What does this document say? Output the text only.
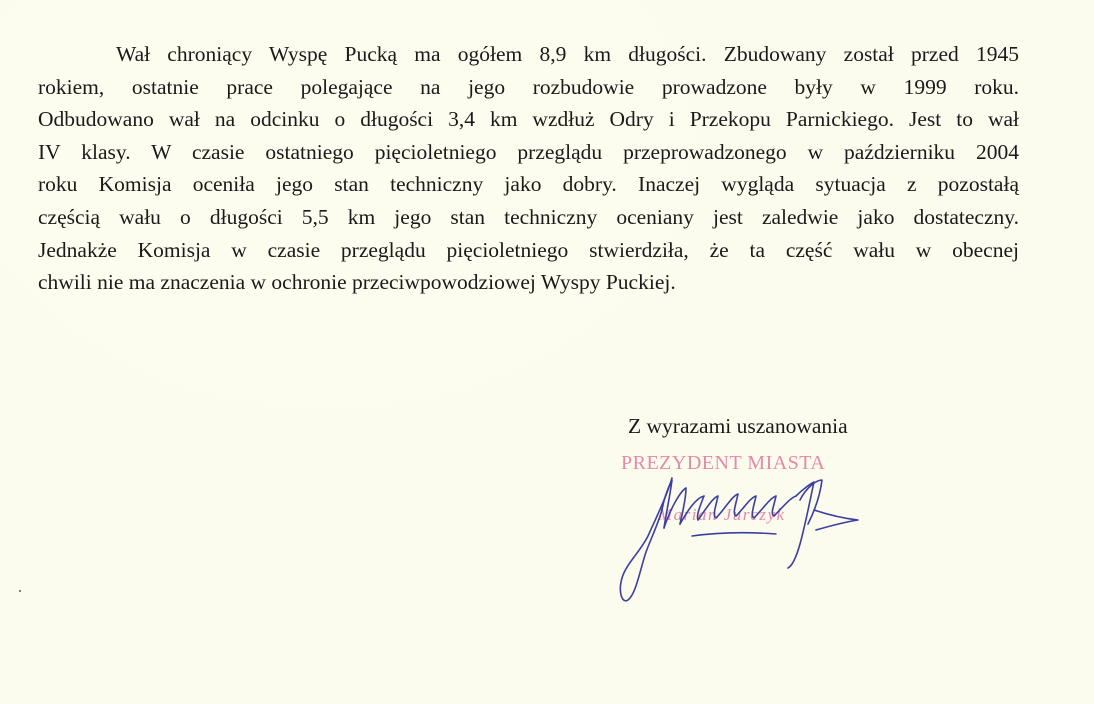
Wał chroniący Wyspę Pucką ma ogółem 8,9 km długości. Zbudowany został przed 1945
rokiem, ostatnie prace polegające na jego rozbudowie prowadzone były w 1999 roku.
Odbudowano wał na odcinku o długości 3,4 km wzdłuż Odry i Przekopu Parnickiego. Jest to wał
IV klasy. W czasie ostatniego pięcioletniego przeglądu przeprowadzonego w październiku 2004
roku Komisja oceniła jego stan techniczny jako dobry. Inaczej wygląda sytuacja z pozostałą
częścią wału o długości 5,5 km jego stan techniczny oceniany jest zaledwie jako dostateczny.
Jednakże Komisja w czasie przeglądu pięcioletniego stwierdziła, że ta część wału w obecnej
chwili nie ma znaczenia w ochronie przeciwpowodziowej Wyspy Puckiej.

Z wyrazami uszanowania

PREZYDENT MIASTA
Marian Jurczyk
